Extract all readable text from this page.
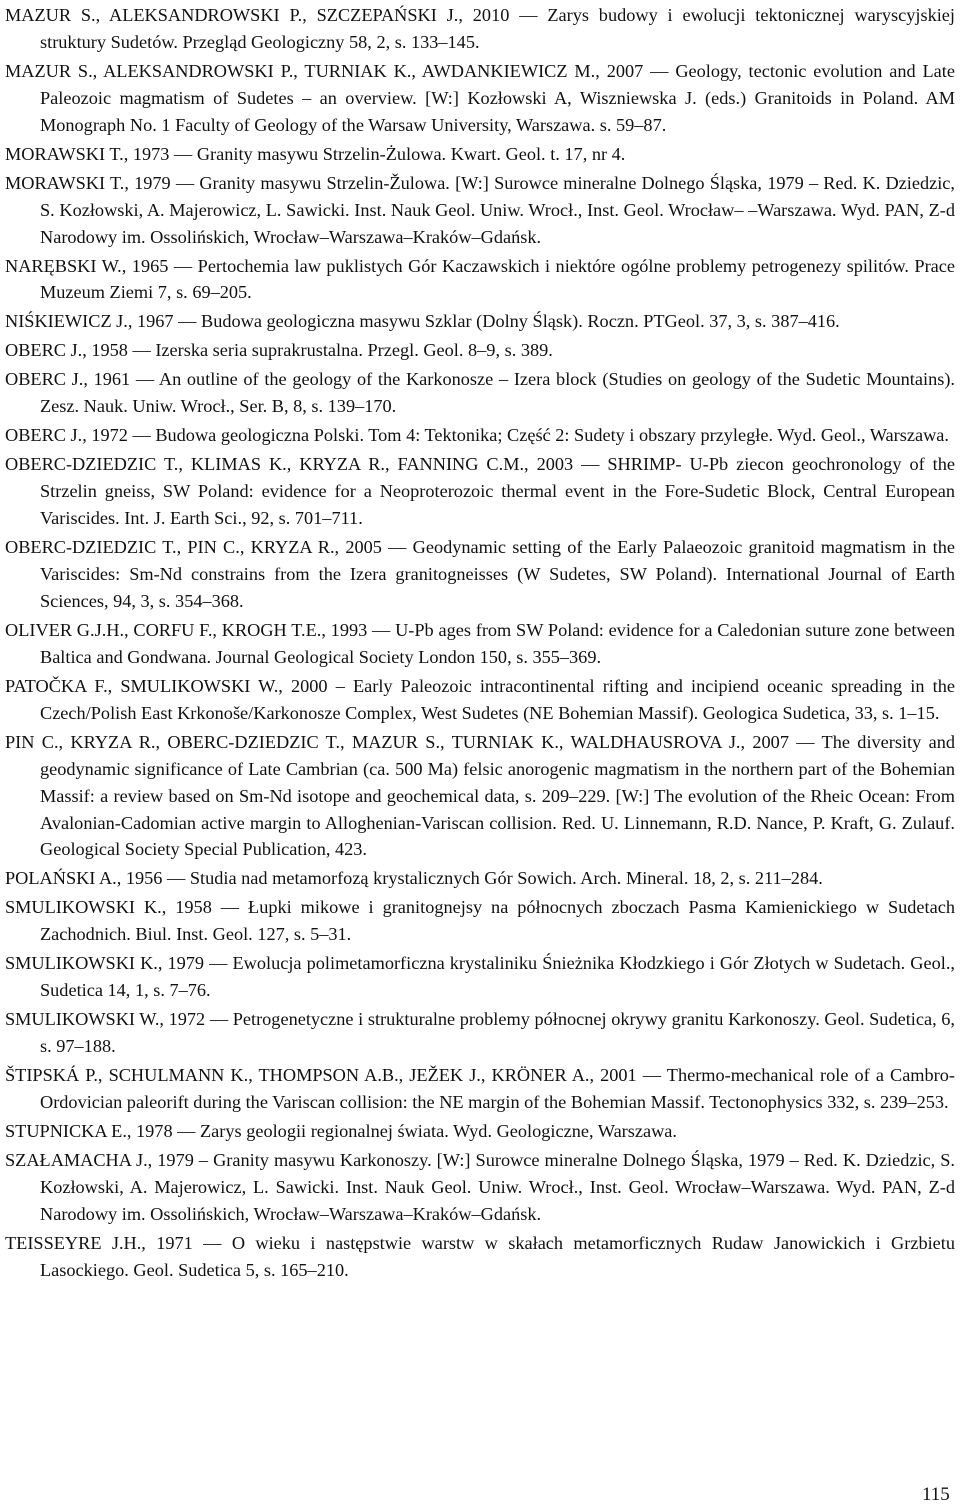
MAZUR S., ALEKSANDROWSKI P., SZCZEPAŃSKI J., 2010 — Zarys budowy i ewolucji tektonicznej waryscyjskiej struktury Sudetów. Przegląd Geologiczny 58, 2, s. 133–145.
MAZUR S., ALEKSANDROWSKI P., TURNIAK K., AWDANKIEWICZ M., 2007 — Geology, tectonic evolution and Late Paleozoic magmatism of Sudetes – an overview. [W:] Kozłowski A, Wiszniewska J. (eds.) Granitoids in Poland. AM Monograph No. 1 Faculty of Geology of the Warsaw University, Warszawa. s. 59–87.
MORAWSKI T., 1973 — Granity masywu Strzelin-Żulowa. Kwart. Geol. t. 17, nr 4.
MORAWSKI T., 1979 — Granity masywu Strzelin-Žulowa. [W:] Surowce mineralne Dolnego Śląska, 1979 – Red. K. Dziedzic, S. Kozłowski, A. Majerowicz, L. Sawicki. Inst. Nauk Geol. Uniw. Wrocł., Inst. Geol. Wrocław– –Warszawa. Wyd. PAN, Z-d Narodowy im. Ossolińskich, Wrocław–Warszawa–Kraków–Gdańsk.
NARĘBSKI W., 1965 — Pertochemia law puklistych Gór Kaczawskich i niektóre ogólne problemy petrogenezy spilitów. Prace Muzeum Ziemi 7, s. 69–205.
NIŚKIEWICZ J., 1967 — Budowa geologiczna masywu Szklar (Dolny Śląsk). Roczn. PTGeol. 37, 3, s. 387–416.
OBERC J., 1958 — Izerska seria suprakrustalna. Przegl. Geol. 8–9, s. 389.
OBERC J., 1961 — An outline of the geology of the Karkonosze – Izera block (Studies on geology of the Sudetic Mountains). Zesz. Nauk. Uniw. Wrocł., Ser. B, 8, s. 139–170.
OBERC J., 1972 — Budowa geologiczna Polski. Tom 4: Tektonika; Część 2: Sudety i obszary przyległe. Wyd. Geol., Warszawa.
OBERC-DZIEDZIC T., KLIMAS K., KRYZA R., FANNING C.M., 2003 — SHRIMP- U-Pb ziecon geochronology of the Strzelin gneiss, SW Poland: evidence for a Neoproterozoic thermal event in the Fore-Sudetic Block, Central European Variscides. Int. J. Earth Sci., 92, s. 701–711.
OBERC-DZIEDZIC T., PIN C., KRYZA R., 2005 — Geodynamic setting of the Early Palaeozoic granitoid magmatism in the Variscides: Sm-Nd constrains from the Izera granitogneisses (W Sudetes, SW Poland). International Journal of Earth Sciences, 94, 3, s. 354–368.
OLIVER G.J.H., CORFU F., KROGH T.E., 1993 — U-Pb ages from SW Poland: evidence for a Caledonian suture zone between Baltica and Gondwana. Journal Geological Society London 150, s. 355–369.
PATOČKA F., SMULIKOWSKI W., 2000 – Early Paleozoic intracontinental rifting and incipiend oceanic spreading in the Czech/Polish East Krkonoše/Karkonosze Complex, West Sudetes (NE Bohemian Massif). Geologica Sudetica, 33, s. 1–15.
PIN C., KRYZA R., OBERC-DZIEDZIC T., MAZUR S., TURNIAK K., WALDHAUSROVA J., 2007 — The diversity and geodynamic significance of Late Cambrian (ca. 500 Ma) felsic anorogenic magmatism in the northern part of the Bohemian Massif: a review based on Sm-Nd isotope and geochemical data, s. 209–229. [W:] The evolution of the Rheic Ocean: From Avalonian-Cadomian active margin to Alloghenian-Variscan collision. Red. U. Linnemann, R.D. Nance, P. Kraft, G. Zulauf. Geological Society Special Publication, 423.
POLAŃSKI A., 1956 — Studia nad metamorfozą krystalicznych Gór Sowich. Arch. Mineral. 18, 2, s. 211–284.
SMULIKOWSKI K., 1958 — Łupki mikowe i granitognejsy na północnych zboczach Pasma Kamienickiego w Sudetach Zachodnich. Biul. Inst. Geol. 127, s. 5–31.
SMULIKOWSKI K., 1979 — Ewolucja polimetamorficzna krystaliniku Śnieżnika Kłodzkiego i Gór Złotych w Sudetach. Geol., Sudetica 14, 1, s. 7–76.
SMULIKOWSKI W., 1972 — Petrogenetyczne i strukturalne problemy północnej okrywy granitu Karkonoszy. Geol. Sudetica, 6, s. 97–188.
ŠTIPSKÁ P., SCHULMANN K., THOMPSON A.B., JEŽEK J., KRÖNER A., 2001 — Thermo-mechanical role of a Cambro-Ordovician paleorift during the Variscan collision: the NE margin of the Bohemian Massif. Tectonophysics 332, s. 239–253.
STUPNICKA E., 1978 — Zarys geologii regionalnej świata. Wyd. Geologiczne, Warszawa.
SZAŁAMACHA J., 1979 – Granity masywu Karkonoszy. [W:] Surowce mineralne Dolnego Śląska, 1979 – Red. K. Dziedzic, S. Kozłowski, A. Majerowicz, L. Sawicki. Inst. Nauk Geol. Uniw. Wrocł., Inst. Geol. Wrocław–Warszawa. Wyd. PAN, Z-d Narodowy im. Ossolińskich, Wrocław–Warszawa–Kraków–Gdańsk.
TEISSEYRE J.H., 1971 — O wieku i następstwie warstw w skałach metamorficznych Rudaw Janowickich i Grzbietu Lasockiego. Geol. Sudetica 5, s. 165–210.
115
